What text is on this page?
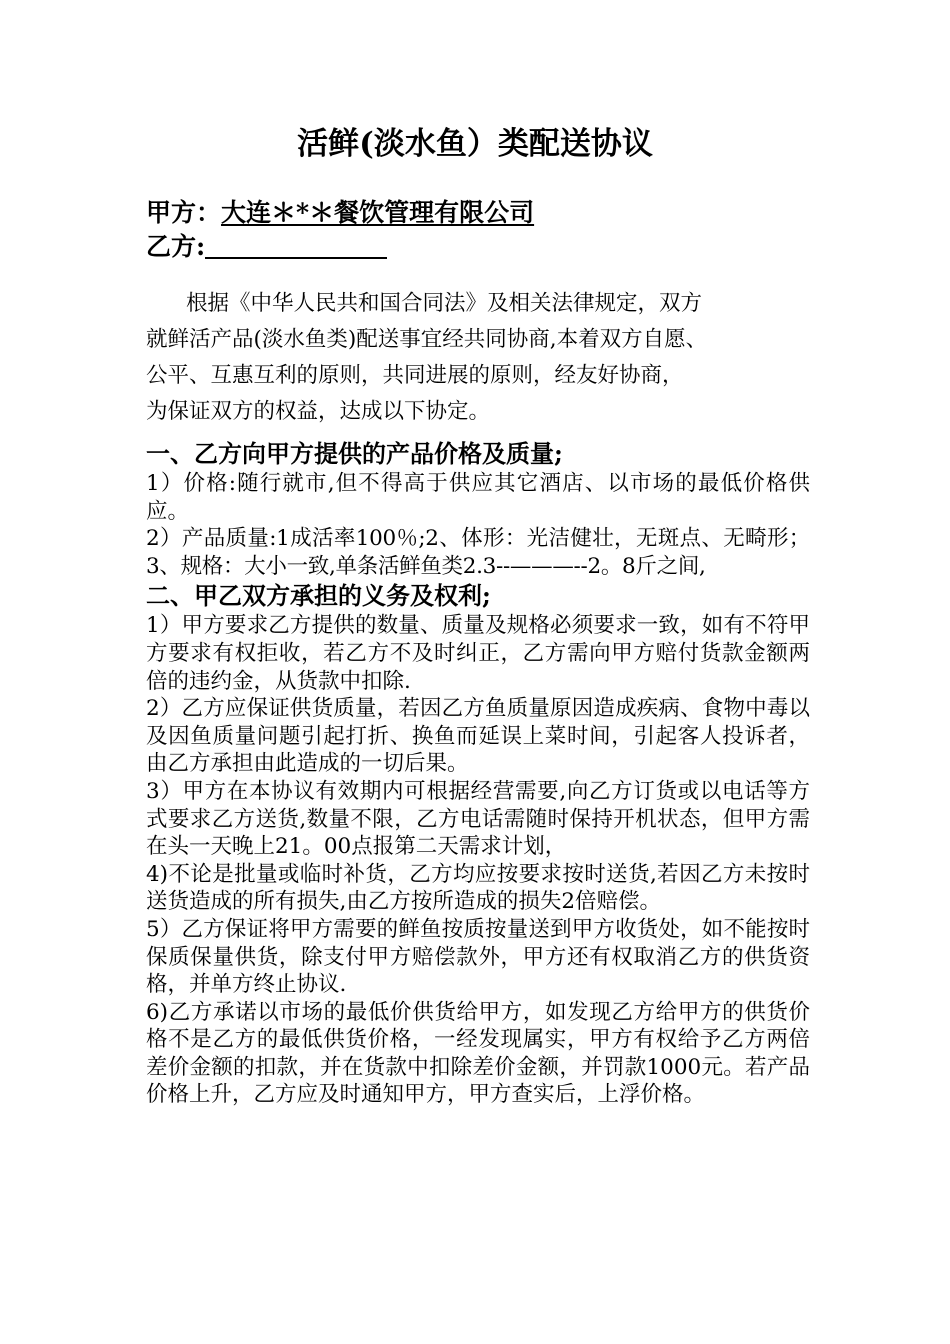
活鲜(淡水鱼）类配送协议

甲方：大连＊*＊餐饮管理有限公司

乙方:

根据《中华人民共和国合同法》及相关法律规定，双方
就鲜活产品(淡水鱼类)配送事宜经共同协商,本着双方自愿、
公平、互惠互利的原则，共同进展的原则，经友好协商，
为保证双方的权益，达成以下协定。

一、乙方向甲方提供的产品价格及质量;

1）价格:随行就市,但不得高于供应其它酒店、以市场的最低价格供应。

2）产品质量:1成活率100％;2、体形：光洁健壮，无斑点、无畸形；3、规格：大小一致,单条活鲜鱼类2.3--———--2。8斤之间,

二、甲乙双方承担的义务及权利;

1）甲方要求乙方提供的数量、质量及规格必须要求一致，如有不符甲方要求有权拒收，若乙方不及时纠正，乙方需向甲方赔付货款金额两倍的违约金，从货款中扣除.

2）乙方应保证供货质量，若因乙方鱼质量原因造成疾病、食物中毒以及因鱼质量问题引起打折、换鱼而延误上菜时间，引起客人投诉者，由乙方承担由此造成的一切后果。

3）甲方在本协议有效期内可根据经营需要,向乙方订货或以电话等方式要求乙方送货,数量不限，乙方电话需随时保持开机状态，但甲方需在头一天晚上21。00点报第二天需求计划，

4)不论是批量或临时补货，乙方均应按要求按时送货,若因乙方未按时送货造成的所有损失,由乙方按所造成的损失2倍赔偿。

5）乙方保证将甲方需要的鲜鱼按质按量送到甲方收货处，如不能按时保质保量供货，除支付甲方赔偿款外，甲方还有权取消乙方的供货资格，并单方终止协议.

6)乙方承诺以市场的最低价供货给甲方，如发现乙方给甲方的供货价格不是乙方的最低供货价格，一经发现属实，甲方有权给予乙方两倍差价金额的扣款，并在货款中扣除差价金额，并罚款1000元。若产品价格上升，乙方应及时通知甲方，甲方查实后，上浮价格。
